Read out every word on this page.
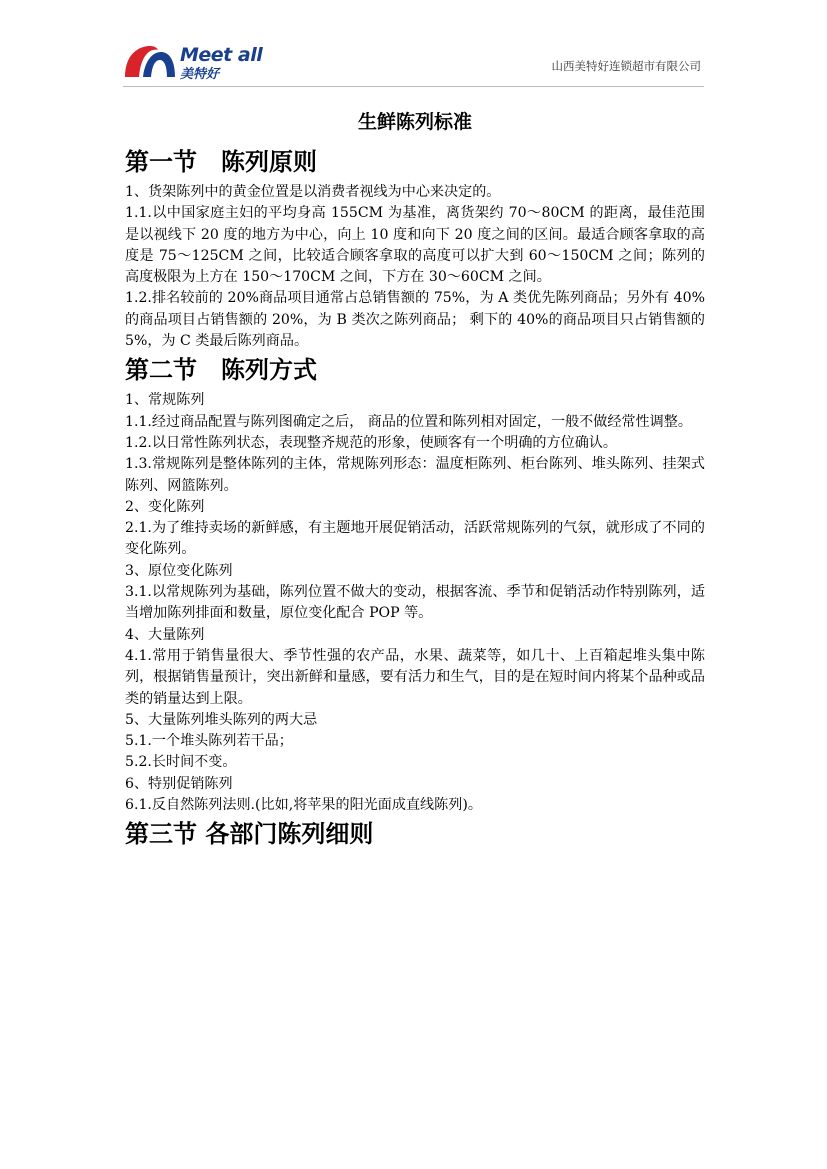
Meet all
美特好
山西美特好连锁超市有限公司
生鲜陈列标准
第一节 陈列原则

1、货架陈列中的黄金位置是以消费者视线为中心来决定的。

1.1.以中国家庭主妇的平均身高 155CM 为基准，离货架约 70～80CM 的距离，最佳范围是以视线下 20 度的地方为中心，向上 10 度和向下 20 度之间的区间。最适合顾客拿取的高度是 75～125CM 之间，比较适合顾客拿取的高度可以扩大到 60～150CM 之间；陈列的高度极限为上方在 150～170CM 之间，下方在 30～60CM 之间。

1.2.排名较前的 20%商品项目通常占总销售额的 75%，为 A 类优先陈列商品；另外有 40%的商品项目占销售额的 20%，为 B 类次之陈列商品； 剩下的 40%的商品项目只占销售额的 5%，为 C 类最后陈列商品。

第二节 陈列方式

1、常规陈列

1.1.经过商品配置与陈列图确定之后， 商品的位置和陈列相对固定，一般不做经常性调整。

1.2.以日常性陈列状态，表现整齐规范的形象，使顾客有一个明确的方位确认。

1.3.常规陈列是整体陈列的主体，常规陈列形态：温度柜陈列、柜台陈列、堆头陈列、挂架式陈列、网篮陈列。

2、变化陈列

2.1.为了维持卖场的新鲜感，有主题地开展促销活动，活跃常规陈列的气氛，就形成了不同的变化陈列。

3、原位变化陈列

3.1.以常规陈列为基础，陈列位置不做大的变动，根据客流、季节和促销活动作特别陈列，适当增加陈列排面和数量，原位变化配合 POP 等。

4、大量陈列

4.1.常用于销售量很大、季节性强的农产品，水果、蔬菜等，如几十、上百箱起堆头集中陈列，根据销售量预计，突出新鲜和量感，要有活力和生气，目的是在短时间内将某个品种或品类的销量达到上限。

5、大量陈列堆头陈列的两大忌

5.1.一个堆头陈列若干品；

5.2.长时间不变。

6、特别促销陈列

6.1.反自然陈列法则.(比如,将苹果的阳光面成直线陈列)。

第三节 各部门陈列细则
